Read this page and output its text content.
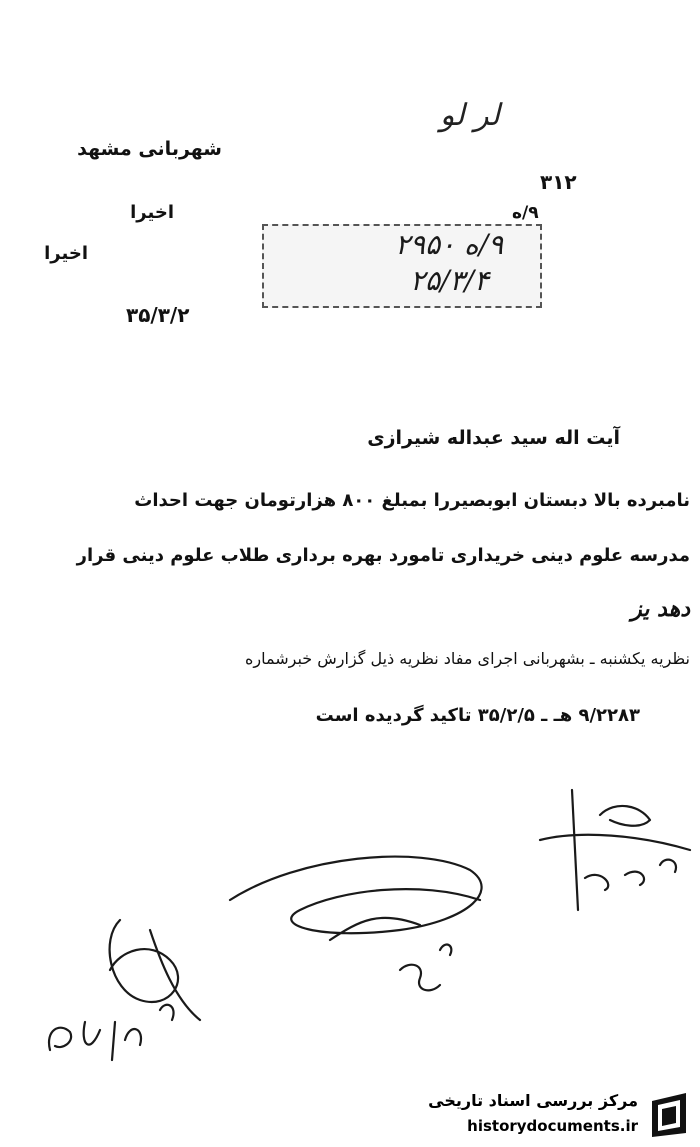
لر لو
شهربانی مشهد
۳۱۲
۹/ه
اخیرا
اخیرا
۳۵/۳/۲
۹/ه ۲۹۵۰
۲۵/۳/۴
آیت اله سید عبداله شیرازی
نامبرده بالا دبستان ابوبصیررا بمبلغ ۸۰۰ هزارتومان جهت احداث
مدرسه علوم دینی خریداری تامورد بهره برداری طلاب علوم دینی قرار
دهد یز
نظریه یکشنبه ـ بشهربانی اجرای مفاد نظریه ذیل گزارش خبرشماره
۹/۲۲۸۳ هـ ـ ۳۵/۲/۵ تاکید گردیده است
مرکز بررسی اسناد تاریخی
historydocuments.ir
